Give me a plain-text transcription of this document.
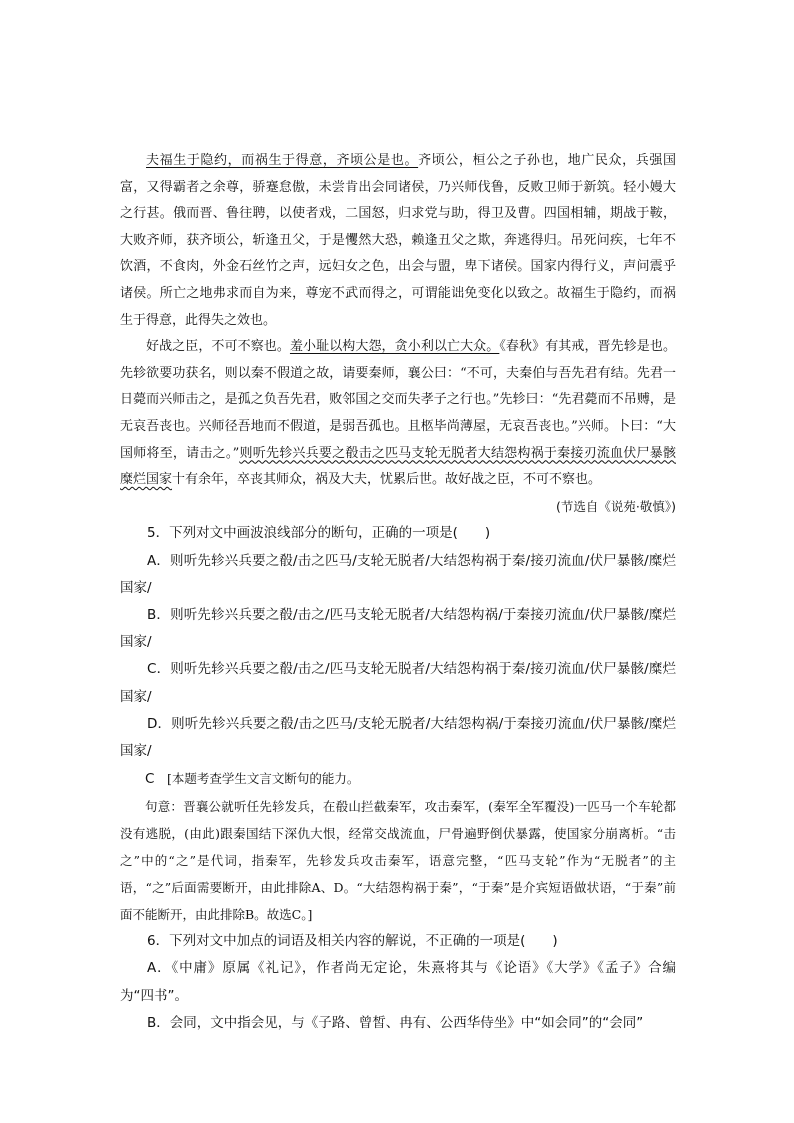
夫福生于隐约，而祸生于得意，齐顷公是也。齐顷公，桓公之子孙也，地广民众，兵强国富，又得霸者之余尊，骄蹇怠傲，未尝肯出会同诸侯，乃兴师伐鲁，反败卫师于新筑。轻小嫚大之行甚。俄而晋、鲁往聘，以使者戏，二国怒，归求党与助，得卫及曹。四国相辅，期战于鞍，大败齐师，获齐顷公，斩逢丑父，于是戄然大恐，赖逢丑父之欺，奔逃得归。吊死问疾，七年不饮酒，不食肉，外金石丝竹之声，远妇女之色，出会与盟，卑下诸侯。国家内得行义，声问震乎诸侯。所亡之地弗求而自为来，尊宠不武而得之，可谓能诎免变化以致之。故福生于隐约，而祸生于得意，此得失之效也。

好战之臣，不可不察也。羞小耻以构大怨，贪小利以亡大众。《春秋》有其戒，晋先轸是也。先轸欲要功获名，则以秦不假道之故，请要秦师，襄公曰：“不可，夫秦伯与吾先君有结。先君一日薨而兴师击之，是孤之负吾先君，败邻国之交而失孝子之行也。”先轸曰：“先君薨而不吊赙，是无哀吾丧也。兴师径吾地而不假道，是弱吾孤也。且柩毕尚薄屋，无哀吾丧也。”兴师。卜曰：“大国师将至，请击之。”则听先轸兴兵要之殽击之匹马支轮无脱者大结怨构祸于秦接刃流血伏尸暴骸糜烂国家十有余年，卒丧其师众，祸及大夫，忧累后世。故好战之臣，不可不察也。

(节选自《说苑·敬慎》)

5．下列对文中画波浪线部分的断句，正确的一项是(　　)

A．则听先轸兴兵要之殽/击之匹马/支轮无脱者/大结怨构祸于秦/接刃流血/伏尸暴骸/糜烂国家/

B．则听先轸兴兵要之殽/击之/匹马支轮无脱者/大结怨构祸/于秦接刃流血/伏尸暴骸/糜烂国家/

C．则听先轸兴兵要之殽/击之/匹马支轮无脱者/大结怨构祸于秦/接刃流血/伏尸暴骸/糜烂国家/

D．则听先轸兴兵要之殽/击之匹马/支轮无脱者/大结怨构祸/于秦接刃流血/伏尸暴骸/糜烂国家/

C　 [本题考查学生文言文断句的能力。

句意：晋襄公就听任先轸发兵，在殽山拦截秦军，攻击秦军，(秦军全军覆没)一匹马一个车轮都没有逃脱，(由此)跟秦国结下深仇大恨，经常交战流血，尸骨遍野倒伏暴露，使国家分崩离析。“击之”中的“之”是代词，指秦军，先轸发兵攻击秦军，语意完整，“匹马支轮”作为“无脱者”的主语，“之”后面需要断开，由此排除A、D。“大结怨构祸于秦”，“于秦”是介宾短语做状语，“于秦”前面不能断开，由此排除B。故选C。]

6．下列对文中加点的词语及相关内容的解说，不正确的一项是(　　)

A．《中庸》原属《礼记》，作者尚无定论，朱熹将其与《论语》《大学》《孟子》合编为“四书”。

B．会同，文中指会见，与《子路、曾皙、冉有、公西华侍坐》中“如会同”的“会同”
